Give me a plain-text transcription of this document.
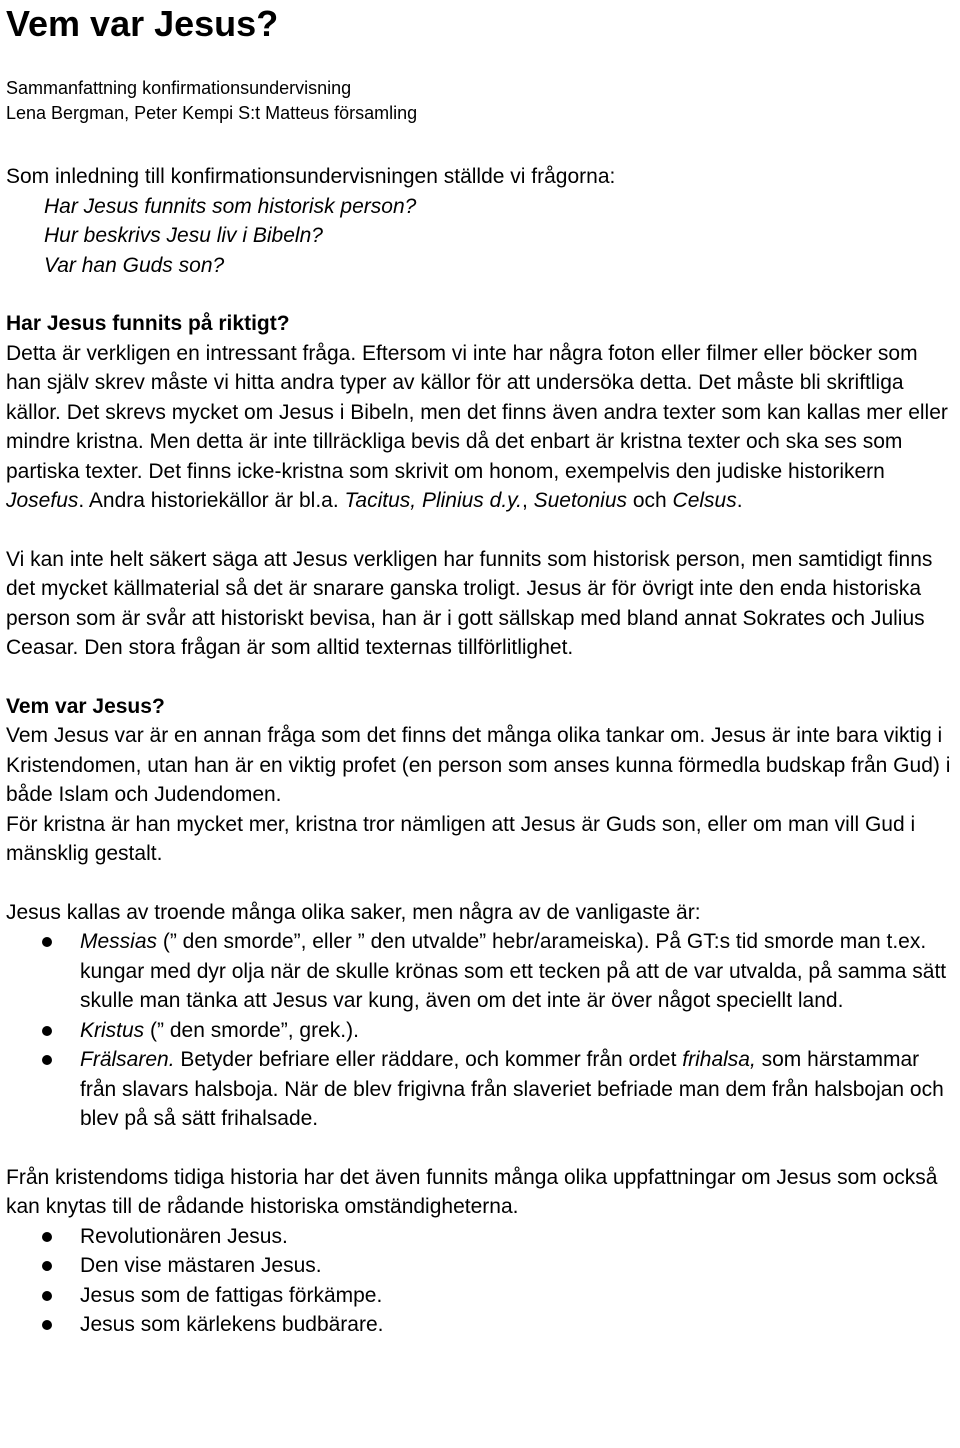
Vem var Jesus?

Sammanfattning konfirmationsundervisning

Lena Bergman, Peter Kempi S:t Matteus församling

Som inledning till konfirmationsundervisningen ställde vi frågorna:

Har Jesus funnits som historisk person?

Hur beskrivs Jesu liv i Bibeln?

Var han Guds son?

Har Jesus funnits på riktigt?

Detta är verkligen en intressant fråga. Eftersom vi inte har några foton eller filmer eller böcker som han själv skrev måste vi hitta andra typer av källor för att undersöka detta. Det måste bli skriftliga källor. Det skrevs mycket om Jesus i Bibeln, men det finns även andra texter som kan kallas mer eller mindre kristna. Men detta är inte tillräckliga bevis då det enbart är kristna texter och ska ses som partiska texter. Det finns icke-kristna som skrivit om honom, exempelvis den judiske historikern Josefus. Andra historiekällor är bl.a. Tacitus, Plinius d.y., Suetonius och Celsus.

Vi kan inte helt säkert säga att Jesus verkligen har funnits som historisk person, men samtidigt finns det mycket källmaterial så det är snarare ganska troligt. Jesus är för övrigt inte den enda historiska person som är svår att historiskt bevisa, han är i gott sällskap med bland annat Sokrates och Julius Ceasar. Den stora frågan är som alltid texternas tillförlitlighet.

Vem var Jesus?

Vem Jesus var är en annan fråga som det finns det många olika tankar om. Jesus är inte bara viktig i Kristendomen, utan han är en viktig profet (en person som anses kunna förmedla budskap från Gud) i både Islam och Judendomen.

För kristna är han mycket mer, kristna tror nämligen att Jesus är Guds son, eller om man vill Gud i mänsklig gestalt.

Jesus kallas av troende många olika saker, men några av de vanligaste är:

Messias (” den smorde”, eller ” den utvalde” hebr/arameiska). På GT:s tid smorde man t.ex. kungar med dyr olja när de skulle krönas som ett tecken på att de var utvalda, på samma sätt skulle man tänka att Jesus var kung, även om det inte är över något speciellt land.
Kristus (” den smorde”, grek.).
Frälsaren. Betyder befriare eller räddare, och kommer från ordet frihalsa, som härstammar från slavars halsboja. När de blev frigivna från slaveriet befriade man dem från halsbojan och blev på så sätt frihalsade.

Från kristendoms tidiga historia har det även funnits många olika uppfattningar om Jesus som också kan knytas till de rådande historiska omständigheterna.

Revolutionären Jesus.
Den vise mästaren Jesus.
Jesus som de fattigas förkämpe.
Jesus som kärlekens budbärare.
